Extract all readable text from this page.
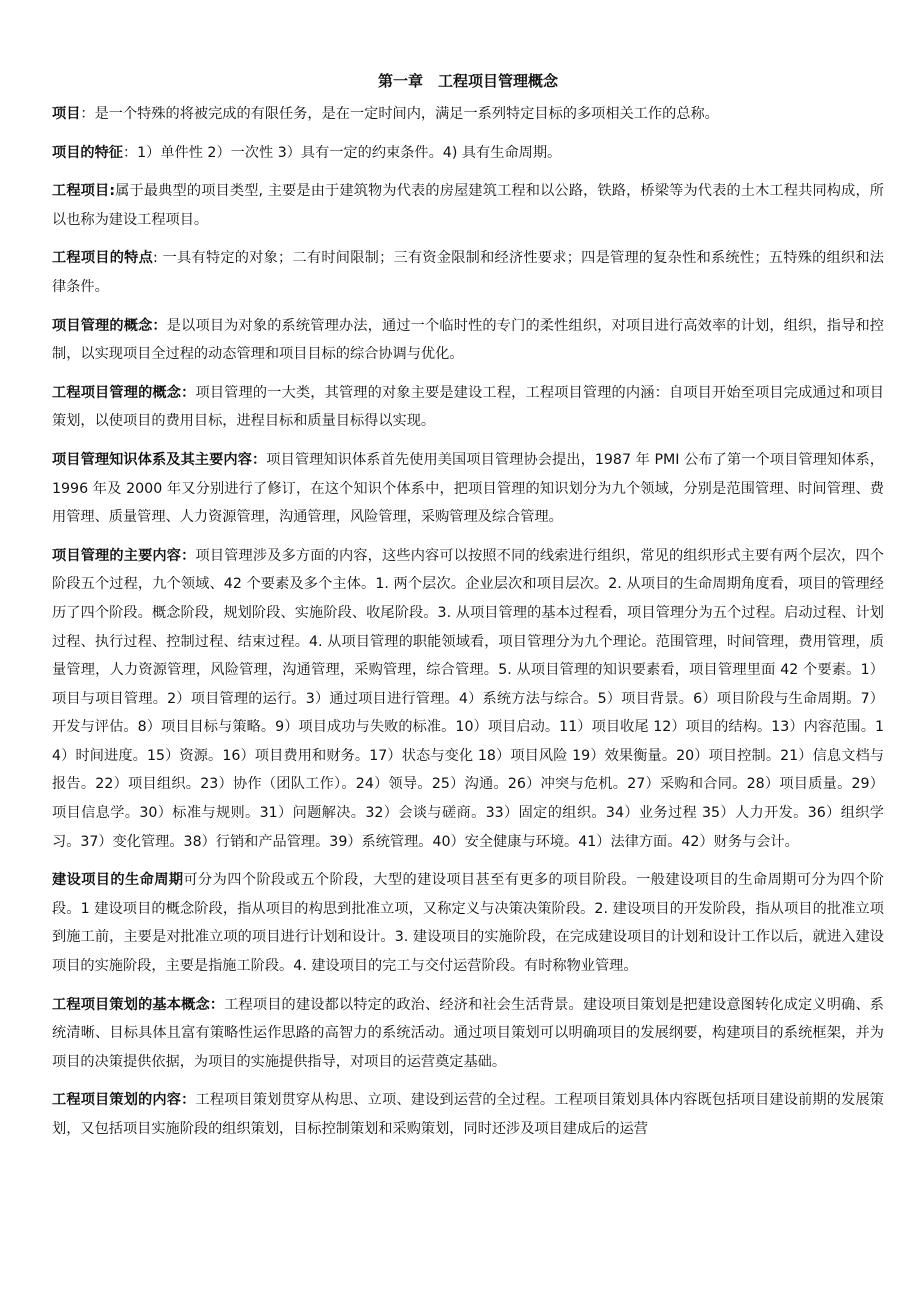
第一章　工程项目管理概念

项目：是一个特殊的将被完成的有限任务，是在一定时间内，满足一系列特定目标的多项相关工作的总称。

项目的特征：1）单件性 2）一次性 3）具有一定的约束条件。4) 具有生命周期。

工程项目:属于最典型的项目类型, 主要是由于建筑物为代表的房屋建筑工程和以公路，铁路，桥梁等为代表的土木工程共同构成，所以也称为建设工程项目。

工程项目的特点: 一具有特定的对象；二有时间限制；三有资金限制和经济性要求；四是管理的复杂性和系统性；五特殊的组织和法律条件。

项目管理的概念：是以项目为对象的系统管理办法，通过一个临时性的专门的柔性组织，对项目进行高效率的计划，组织，指导和控制，以实现项目全过程的动态管理和项目目标的综合协调与优化。

工程项目管理的概念：项目管理的一大类，其管理的对象主要是建设工程，工程项目管理的内涵：自项目开始至项目完成通过和项目策划，以使项目的费用目标，进程目标和质量目标得以实现。

项目管理知识体系及其主要内容：项目管理知识体系首先使用美国项目管理协会提出，1987 年 PMI 公布了第一个项目管理知体系，1996 年及 2000 年又分别进行了修订，在这个知识个体系中，把项目管理的知识划分为九个领域，分别是范围管理、时间管理、费用管理、质量管理、人力资源管理，沟通管理，风险管理，采购管理及综合管理。

项目管理的主要内容：项目管理涉及多方面的内容，这些内容可以按照不同的线索进行组织，常见的组织形式主要有两个层次，四个阶段五个过程，九个领域、42 个要素及多个主体。1. 两个层次。企业层次和项目层次。2. 从项目的生命周期角度看，项目的管理经历了四个阶段。概念阶段，规划阶段、实施阶段、收尾阶段。3. 从项目管理的基本过程看，项目管理分为五个过程。启动过程、计划过程、执行过程、控制过程、结束过程。4. 从项目管理的职能领域看，项目管理分为九个理论。范围管理，时间管理，费用管理，质量管理，人力资源管理，风险管理，沟通管理，采购管理，综合管理。5. 从项目管理的知识要素看，项目管理里面 42 个要素。1）项目与项目管理。2）项目管理的运行。3）通过项目进行管理。4）系统方法与综合。5）项目背景。6）项目阶段与生命周期。7）开发与评估。8）项目目标与策略。9）项目成功与失败的标准。10）项目启动。11）项目收尾 12）项目的结构。13）内容范围。14）时间进度。15）资源。16）项目费用和财务。17）状态与变化 18）项目风险 19）效果衡量。20）项目控制。21）信息文档与报告。22）项目组织。23）协作（团队工作）。24）领导。25）沟通。26）冲突与危机。27）采购和合同。28）项目质量。29）项目信息学。30）标准与规则。31）问题解决。32）会谈与磋商。33）固定的组织。34）业务过程 35）人力开发。36）组织学习。37）变化管理。38）行销和产品管理。39）系统管理。40）安全健康与环境。41）法律方面。42）财务与会计。

建设项目的生命周期可分为四个阶段或五个阶段，大型的建设项目甚至有更多的项目阶段。一般建设项目的生命周期可分为四个阶段。1 建设项目的概念阶段，指从项目的构思到批准立项，又称定义与决策决策阶段。2. 建设项目的开发阶段，指从项目的批准立项到施工前，主要是对批准立项的项目进行计划和设计。3. 建设项目的实施阶段，在完成建设项目的计划和设计工作以后，就进入建设项目的实施阶段，主要是指施工阶段。4. 建设项目的完工与交付运营阶段。有时称物业管理。

工程项目策划的基本概念：工程项目的建设都以特定的政治、经济和社会生活背景。建设项目策划是把建设意图转化成定义明确、系统清晰、目标具体且富有策略性运作思路的高智力的系统活动。通过项目策划可以明确项目的发展纲要，构建项目的系统框架，并为项目的决策提供依据，为项目的实施提供指导，对项目的运营奠定基础。

工程项目策划的内容：工程项目策划贯穿从构思、立项、建设到运营的全过程。工程项目策划具体内容既包括项目建设前期的发展策划，又包括项目实施阶段的组织策划，目标控制策划和采购策划，同时还涉及项目建成后的运营
